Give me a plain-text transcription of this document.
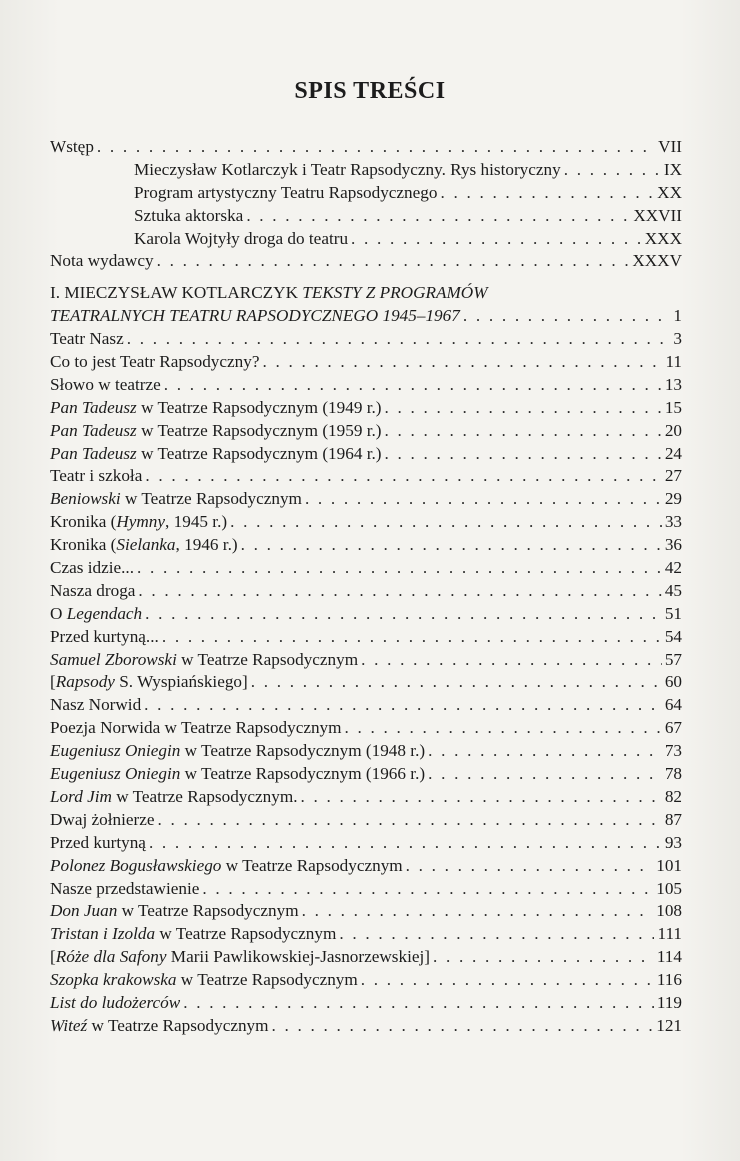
SPIS TREŚCI
Wstęp . . .	VII
Mieczysław Kotlarczyk i Teatr Rapsodyczny. Rys historyczny . . .	IX
Program artystyczny Teatru Rapsodycznego . . .	XX
Sztuka aktorska . . .	XXVII
Karola Wojtyły droga do teatru . . .	XXX
Nota wydawcy . . .	XXXV
I. MIECZYSŁAW KOTLARCZYK TEKSTY Z PROGRAMÓW
TEATRALNYCH TEATRU RAPSODYCZNEGO 1945–1967 . . .	1
Teatr Nasz . . .	3
Co to jest Teatr Rapsodyczny? . . .	11
Słowo w teatrze . . .	13
Pan Tadeusz w Teatrze Rapsodycznym (1949 r.) . . .	15
Pan Tadeusz w Teatrze Rapsodycznym (1959 r.) . . .	20
Pan Tadeusz w Teatrze Rapsodycznym (1964 r.) . . .	24
Teatr i szkoła . . .	27
Beniowski w Teatrze Rapsodycznym . . .	29
Kronika (Hymny, 1945 r.) . . .	33
Kronika (Sielanka, 1946 r.) . . .	36
Czas idzie... . . .	42
Nasza droga . . .	45
O Legendach . . .	51
Przed kurtyną... . . .	54
Samuel Zborowski w Teatrze Rapsodycznym . . .	57
[Rapsody S. Wyspiańskiego] . . .	60
Nasz Norwid . . .	64
Poezja Norwida w Teatrze Rapsodycznym . . .	67
Eugeniusz Oniegin w Teatrze Rapsodycznym (1948 r.) . . .	73
Eugeniusz Oniegin w Teatrze Rapsodycznym (1966 r.) . . .	78
Lord Jim w Teatrze Rapsodycznym. . . .	82
Dwaj żołnierze . . .	87
Przed kurtyną . . .	93
Polonez Bogusławskiego w Teatrze Rapsodycznym . . .	101
Nasze przedstawienie . . .	105
Don Juan w Teatrze Rapsodycznym . . .	108
Tristan i Izolda w Teatrze Rapsodycznym . . .	111
[Róże dla Safony Marii Pawlikowskiej-Jasnorzewskiej] . . .	114
Szopka krakowska w Teatrze Rapsodycznym . . .	116
List do ludożerców . . .	119
Witeź w Teatrze Rapsodycznym . . .	121
